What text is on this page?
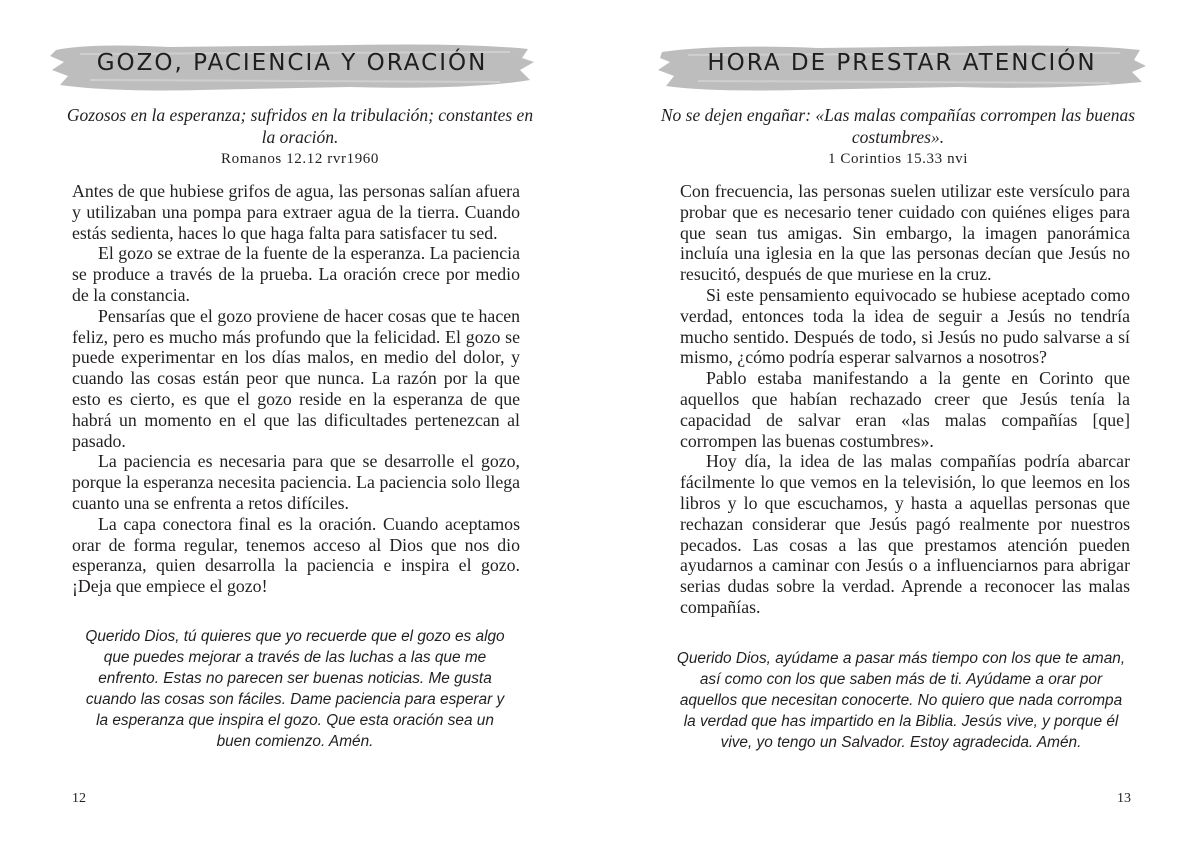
GOZO, PACIENCIA Y ORACIÓN
Gozosos en la esperanza; sufridos en la tribulación; constantes en la oración.
Romanos 12.12 rvr1960

Antes de que hubiese grifos de agua, las personas salían afuera y utilizaban una pompa para extraer agua de la tierra. Cuando estás sedienta, haces lo que haga falta para satisfacer tu sed.

El gozo se extrae de la fuente de la esperanza. La paciencia se produce a través de la prueba. La oración crece por medio de la constancia.

Pensarías que el gozo proviene de hacer cosas que te hacen feliz, pero es mucho más profundo que la felicidad. El gozo se puede experimentar en los días malos, en medio del dolor, y cuando las cosas están peor que nunca. La razón por la que esto es cierto, es que el gozo reside en la esperanza de que habrá un momento en el que las dificultades pertenezcan al pasado.

La paciencia es necesaria para que se desarrolle el gozo, porque la esperanza necesita paciencia. La paciencia solo llega cuanto una se enfrenta a retos difíciles.

La capa conectora final es la oración. Cuando aceptamos orar de forma regular, tenemos acceso al Dios que nos dio esperanza, quien desarrolla la paciencia e inspira el gozo. ¡Deja que empiece el gozo!

Querido Dios, tú quieres que yo recuerde que el gozo es algo que puedes mejorar a través de las luchas a las que me enfrento. Estas no parecen ser buenas noticias. Me gusta cuando las cosas son fáciles. Dame paciencia para esperar y la esperanza que inspira el gozo. Que esta oración sea un buen comienzo. Amén.
12
HORA DE PRESTAR ATENCIÓN
No se dejen engañar: «Las malas compañías corrompen las buenas costumbres».
1 Corintios 15.33 nvi

Con frecuencia, las personas suelen utilizar este versículo para probar que es necesario tener cuidado con quiénes eliges para que sean tus amigas. Sin embargo, la imagen panorámica incluía una iglesia en la que las personas decían que Jesús no resucitó, después de que muriese en la cruz.

Si este pensamiento equivocado se hubiese aceptado como verdad, entonces toda la idea de seguir a Jesús no tendría mucho sentido. Después de todo, si Jesús no pudo salvarse a sí mismo, ¿cómo podría esperar salvarnos a nosotros?

Pablo estaba manifestando a la gente en Corinto que aquellos que habían rechazado creer que Jesús tenía la capacidad de salvar eran «las malas compañías [que] corrompen las buenas costumbres».

Hoy día, la idea de las malas compañías podría abarcar fácilmente lo que vemos en la televisión, lo que leemos en los libros y lo que escuchamos, y hasta a aquellas personas que rechazan considerar que Jesús pagó realmente por nuestros pecados. Las cosas a las que prestamos atención pueden ayudarnos a caminar con Jesús o a influenciarnos para abrigar serias dudas sobre la verdad. Aprende a reconocer las malas compañías.

Querido Dios, ayúdame a pasar más tiempo con los que te aman, así como con los que saben más de ti. Ayúdame a orar por aquellos que necesitan conocerte. No quiero que nada corrompa la verdad que has impartido en la Biblia. Jesús vive, y porque él vive, yo tengo un Salvador. Estoy agradecida. Amén.
13
